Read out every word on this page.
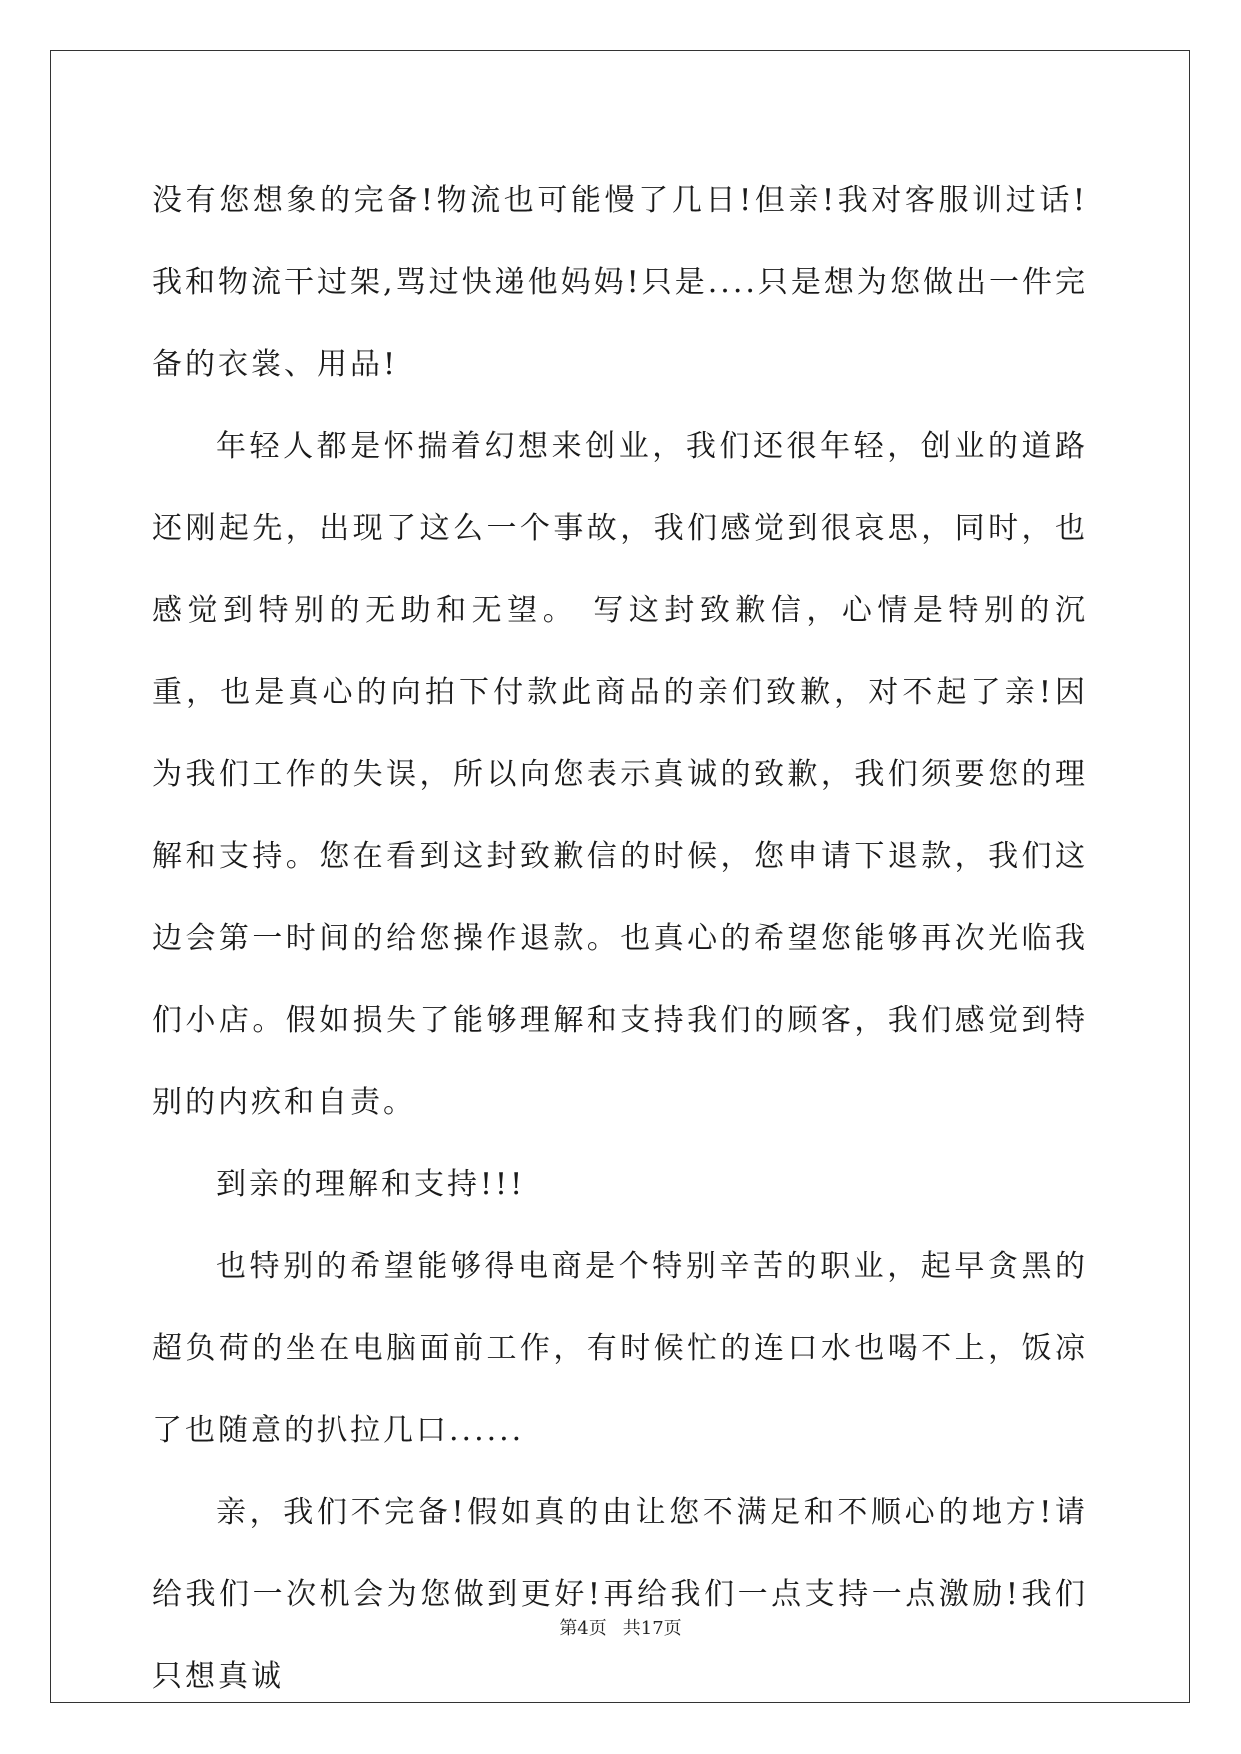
没有您想象的完备!物流也可能慢了几日!但亲!我对客服训过话!我和物流干过架,骂过快递他妈妈!只是....只是想为您做出一件完备的衣裳、用品!

年轻人都是怀揣着幻想来创业，我们还很年轻，创业的道路还刚起先，出现了这么一个事故，我们感觉到很哀思，同时，也感觉到特别的无助和无望。 写这封致歉信，心情是特别的沉重，也是真心的向拍下付款此商品的亲们致歉，对不起了亲!因为我们工作的失误，所以向您表示真诚的致歉，我们须要您的理解和支持。您在看到这封致歉信的时候，您申请下退款，我们这边会第一时间的给您操作退款。也真心的希望您能够再次光临我们小店。假如损失了能够理解和支持我们的顾客，我们感觉到特别的内疚和自责。

到亲的理解和支持!!!

也特别的希望能够得电商是个特别辛苦的职业，起早贪黑的超负荷的坐在电脑面前工作，有时候忙的连口水也喝不上，饭凉了也随意的扒拉几口......

亲，我们不完备!假如真的由让您不满足和不顺心的地方!请给我们一次机会为您做到更好!再给我们一点支持一点激励!我们只想真诚

第4页 共17页
